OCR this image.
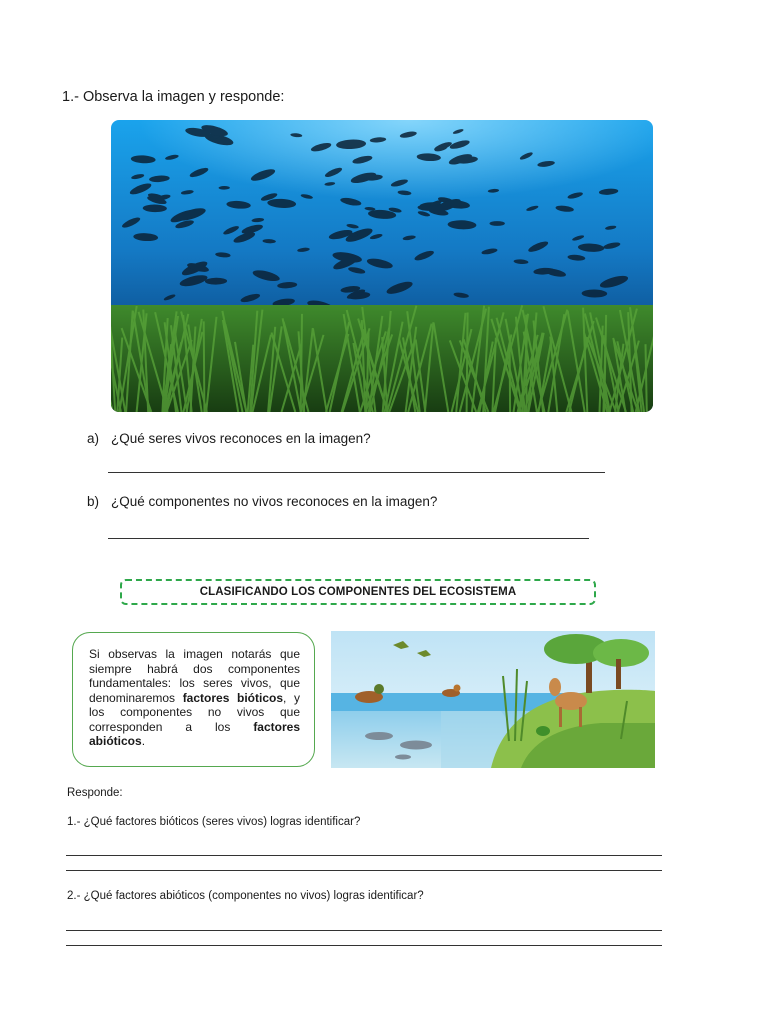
1.- Observa la imagen y responde:
a) ¿Qué seres vivos reconoces en la imagen?
b) ¿Qué componentes no vivos reconoces en la imagen?
CLASIFICANDO LOS COMPONENTES DEL ECOSISTEMA
Si observas la imagen notarás que siempre habrá dos componentes fundamentales: los seres vivos, que denominaremos factores bióticos, y los componentes no vivos que corresponden a los factores abióticos.
Responde:
1.- ¿Qué factores bióticos (seres vivos) logras identificar?
2.- ¿Qué factores abióticos (componentes no vivos) logras identificar?
